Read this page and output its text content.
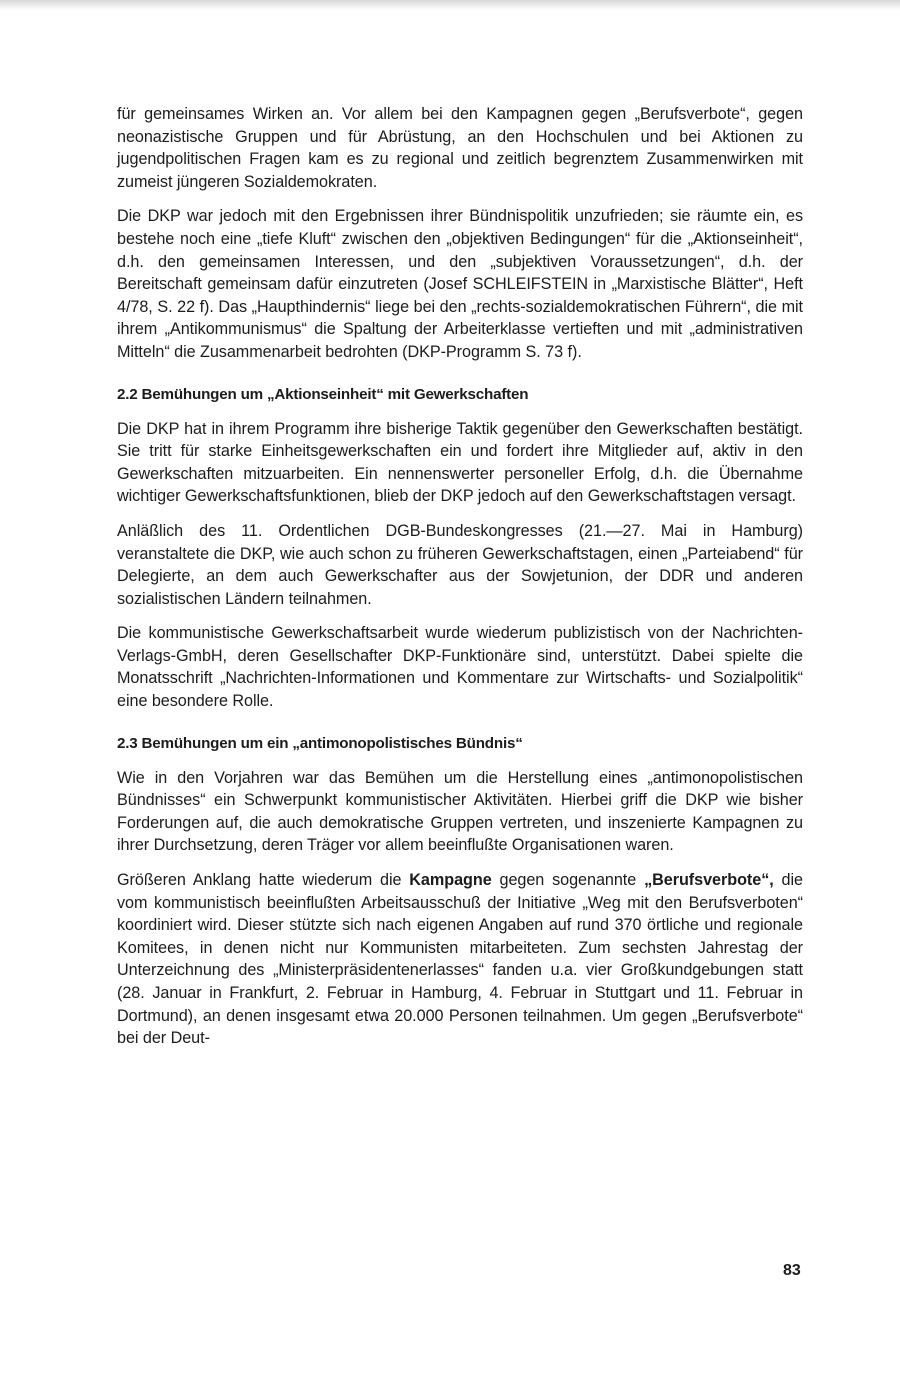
für gemeinsames Wirken an. Vor allem bei den Kampagnen gegen „Berufsverbote“, gegen neonazistische Gruppen und für Abrüstung, an den Hochschulen und bei Aktionen zu jugendpolitischen Fragen kam es zu regional und zeitlich begrenztem Zusammenwirken mit zumeist jüngeren Sozialdemokraten.

Die DKP war jedoch mit den Ergebnissen ihrer Bündnispolitik unzufrieden; sie räumte ein, es bestehe noch eine „tiefe Kluft“ zwischen den „objektiven Bedingungen“ für die „Aktionseinheit“, d.h. den gemeinsamen Interessen, und den „subjektiven Voraussetzungen“, d.h. der Bereitschaft gemeinsam dafür einzutreten (Josef SCHLEIFSTEIN in „Marxistische Blätter“, Heft 4/78, S. 22 f). Das „Haupthindernis“ liege bei den „rechts-sozialdemokratischen Führern“, die mit ihrem „Antikommunismus“ die Spaltung der Arbeiterklasse vertieften und mit „administrativen Mitteln“ die Zusammenarbeit bedrohten (DKP-Programm S. 73 f).

2.2 Bemühungen um „Aktionseinheit“ mit Gewerkschaften

Die DKP hat in ihrem Programm ihre bisherige Taktik gegenüber den Gewerkschaften bestätigt. Sie tritt für starke Einheitsgewerkschaften ein und fordert ihre Mitglieder auf, aktiv in den Gewerkschaften mitzuarbeiten. Ein nennenswerter personeller Erfolg, d.h. die Übernahme wichtiger Gewerkschaftsfunktionen, blieb der DKP jedoch auf den Gewerkschaftstagen versagt.

Anläßlich des 11. Ordentlichen DGB-Bundeskongresses (21.—27. Mai in Hamburg) veranstaltete die DKP, wie auch schon zu früheren Gewerkschaftstagen, einen „Parteiabend“ für Delegierte, an dem auch Gewerkschafter aus der Sowjetunion, der DDR und anderen sozialistischen Ländern teilnahmen.

Die kommunistische Gewerkschaftsarbeit wurde wiederum publizistisch von der Nachrichten-Verlags-GmbH, deren Gesellschafter DKP-Funktionäre sind, unterstützt. Dabei spielte die Monatsschrift „Nachrichten-Informationen und Kommentare zur Wirtschafts- und Sozialpolitik“ eine besondere Rolle.

2.3 Bemühungen um ein „antimonopolistisches Bündnis“

Wie in den Vorjahren war das Bemühen um die Herstellung eines „antimonopolistischen Bündnisses“ ein Schwerpunkt kommunistischer Aktivitäten. Hierbei griff die DKP wie bisher Forderungen auf, die auch demokratische Gruppen vertreten, und inszenierte Kampagnen zu ihrer Durchsetzung, deren Träger vor allem beeinflußte Organisationen waren.

Größeren Anklang hatte wiederum die Kampagne gegen sogenannte „Berufsverbote“, die vom kommunistisch beeinflußten Arbeitsausschuß der Initiative „Weg mit den Berufsverboten“ koordiniert wird. Dieser stützte sich nach eigenen Angaben auf rund 370 örtliche und regionale Komitees, in denen nicht nur Kommunisten mitarbeiteten. Zum sechsten Jahrestag der Unterzeichnung des „Ministerpräsidentenerlasses“ fanden u.a. vier Großkundgebungen statt (28. Januar in Frankfurt, 2. Februar in Hamburg, 4. Februar in Stuttgart und 11. Februar in Dortmund), an denen insgesamt etwa 20.000 Personen teilnahmen. Um gegen „Berufsverbote“ bei der Deut-

83
